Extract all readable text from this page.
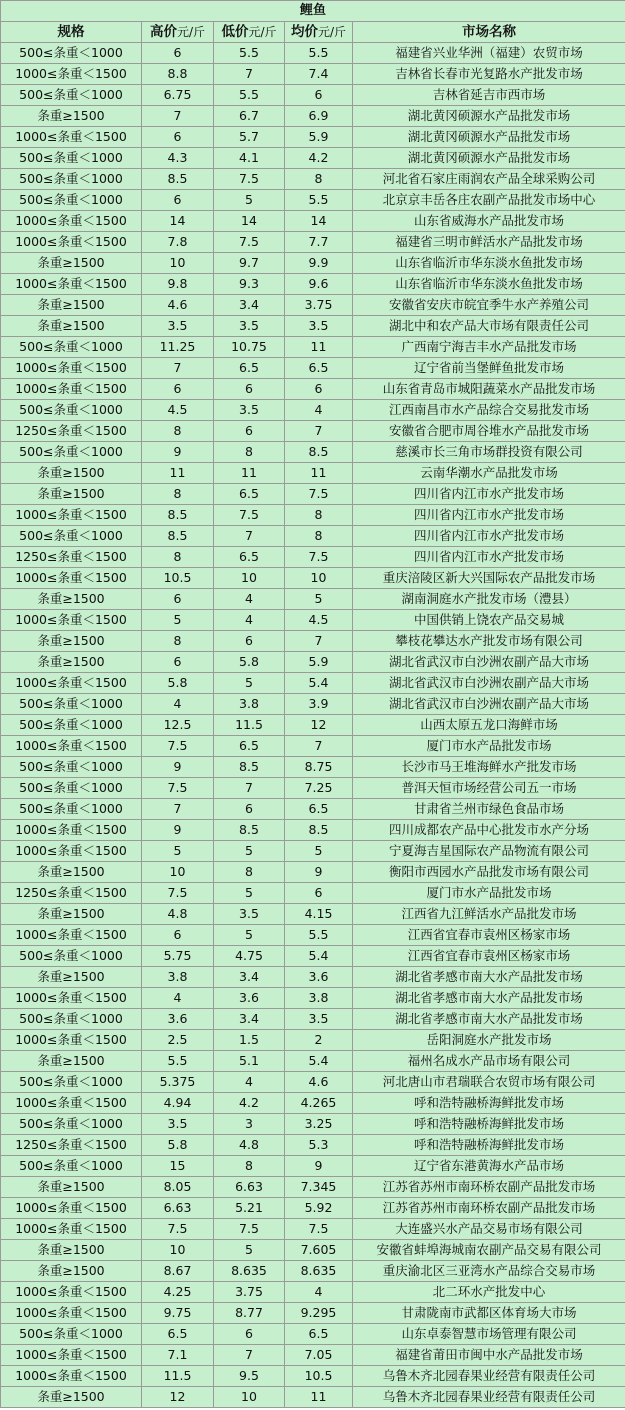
鲤鱼				
规格	高价元/斤	低价元/斤	均价元/斤	市场名称
500≤条重＜1000	6	5.5	5.5	福建省兴业华洲（福建）农贸市场
1000≤条重＜1500	8.8	7	7.4	吉林省长春市光复路水产批发市场
500≤条重＜1000	6.75	5.5	6	吉林省延吉市西市场
条重≥1500	7	6.7	6.9	湖北黄冈硕源水产品批发市场
1000≤条重＜1500	6	5.7	5.9	湖北黄冈硕源水产品批发市场
500≤条重＜1000	4.3	4.1	4.2	湖北黄冈硕源水产品批发市场
500≤条重＜1000	8.5	7.5	8	河北省石家庄雨润农产品全球采购公司
500≤条重＜1000	6	5	5.5	北京京丰岳各庄农副产品批发市场中心
1000≤条重＜1500	14	14	14	山东省威海水产品批发市场
1000≤条重＜1500	7.8	7.5	7.7	福建省三明市鲜活水产品批发市场
条重≥1500	10	9.7	9.9	山东省临沂市华东淡水鱼批发市场
1000≤条重＜1500	9.8	9.3	9.6	山东省临沂市华东淡水鱼批发市场
条重≥1500	4.6	3.4	3.75	安徽省安庆市皖宜季牛水产养殖公司
条重≥1500	3.5	3.5	3.5	湖北中和农产品大市场有限责任公司
500≤条重＜1000	11.25	10.75	11	广西南宁海吉丰水产品批发市场
1000≤条重＜1500	7	6.5	6.5	辽宁省前当堡鲜鱼批发市场
1000≤条重＜1500	6	6	6	山东省青岛市城阳蔬菜水产品批发市场
500≤条重＜1000	4.5	3.5	4	江西南昌市水产品综合交易批发市场
1250≤条重＜1500	8	6	7	安徽省合肥市周谷堆水产品批发市场
500≤条重＜1000	9	8	8.5	慈溪市长三角市场群投资有限公司
条重≥1500	11	11	11	云南华潮水产品批发市场
条重≥1500	8	6.5	7.5	四川省内江市水产批发市场
1000≤条重＜1500	8.5	7.5	8	四川省内江市水产批发市场
500≤条重＜1000	8.5	7	8	四川省内江市水产批发市场
1250≤条重＜1500	8	6.5	7.5	四川省内江市水产批发市场
1000≤条重＜1500	10.5	10	10	重庆涪陵区新大兴国际农产品批发市场
条重≥1500	6	4	5	湖南洞庭水产批发市场（澧县）
1000≤条重＜1500	5	4	4.5	中国供销上饶农产品交易城
条重≥1500	8	6	7	攀枝花攀达水产批发市场有限公司
条重≥1500	6	5.8	5.9	湖北省武汉市白沙洲农副产品大市场
1000≤条重＜1500	5.8	5	5.4	湖北省武汉市白沙洲农副产品大市场
500≤条重＜1000	4	3.8	3.9	湖北省武汉市白沙洲农副产品大市场
500≤条重＜1000	12.5	11.5	12	山西太原五龙口海鲜市场
1000≤条重＜1500	7.5	6.5	7	厦门市水产品批发市场
500≤条重＜1000	9	8.5	8.75	长沙市马王堆海鲜水产批发市场
500≤条重＜1000	7.5	7	7.25	普洱天恒市场经营公司五一市场
500≤条重＜1000	7	6	6.5	甘肃省兰州市绿色食品市场
1000≤条重＜1500	9	8.5	8.5	四川成都农产品中心批发市水产分场
1000≤条重＜1500	5	5	5	宁夏海吉星国际农产品物流有限公司
条重≥1500	10	8	9	衡阳市西园水产品批发市场有限公司
1250≤条重＜1500	7.5	5	6	厦门市水产品批发市场
条重≥1500	4.8	3.5	4.15	江西省九江鲜活水产品批发市场
1000≤条重＜1500	6	5	5.5	江西省宜春市袁州区杨家市场
500≤条重＜1000	5.75	4.75	5.4	江西省宜春市袁州区杨家市场
条重≥1500	3.8	3.4	3.6	湖北省孝感市南大水产品批发市场
1000≤条重＜1500	4	3.6	3.8	湖北省孝感市南大水产品批发市场
500≤条重＜1000	3.6	3.4	3.5	湖北省孝感市南大水产品批发市场
1000≤条重＜1500	2.5	1.5	2	岳阳洞庭水产批发市场
条重≥1500	5.5	5.1	5.4	福州名成水产品市场有限公司
500≤条重＜1000	5.375	4	4.6	河北唐山市君瑞联合农贸市场有限公司
1000≤条重＜1500	4.94	4.2	4.265	呼和浩特融桥海鲜批发市场
500≤条重＜1000	3.5	3	3.25	呼和浩特融桥海鲜批发市场
1250≤条重＜1500	5.8	4.8	5.3	呼和浩特融桥海鲜批发市场
500≤条重＜1000	15	8	9	辽宁省东港黄海水产品市场
条重≥1500	8.05	6.63	7.345	江苏省苏州市南环桥农副产品批发市场
1000≤条重＜1500	6.63	5.21	5.92	江苏省苏州市南环桥农副产品批发市场
1000≤条重＜1500	7.5	7.5	7.5	大连盛兴水产品交易市场有限公司
条重≥1500	10	5	7.605	安徽省蚌埠海城南农副产品交易有限公司
条重≥1500	8.67	8.635	8.635	重庆渝北区三亚湾水产品综合交易市场
1000≤条重＜1500	4.25	3.75	4	北二环水产批发中心
1000≤条重＜1500	9.75	8.77	9.295	甘肃陇南市武都区体育场大市场
500≤条重＜1000	6.5	6	6.5	山东卓泰智慧市场管理有限公司
1000≤条重＜1500	7.1	7	7.05	福建省莆田市闽中水产品批发市场
1000≤条重＜1500	11.5	9.5	10.5	乌鲁木齐北园春果业经营有限责任公司
条重≥1500	12	10	11	乌鲁木齐北园春果业经营有限责任公司
